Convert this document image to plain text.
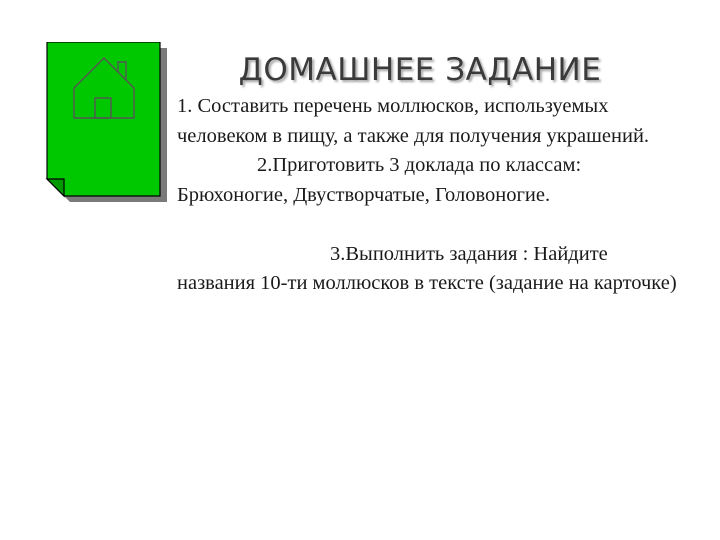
ДОМАШНЕЕ ЗАДАНИЕ

1. Составить перечень моллюсков, используемых человеком в пищу, а также для получения украшений.

2.Приготовить 3 доклада по классам:

Брюхоногие, Двустворчатые, Головоногие.

3.Выполнить задания : Найдите

названия 10-ти моллюсков в тексте (задание на карточке)
